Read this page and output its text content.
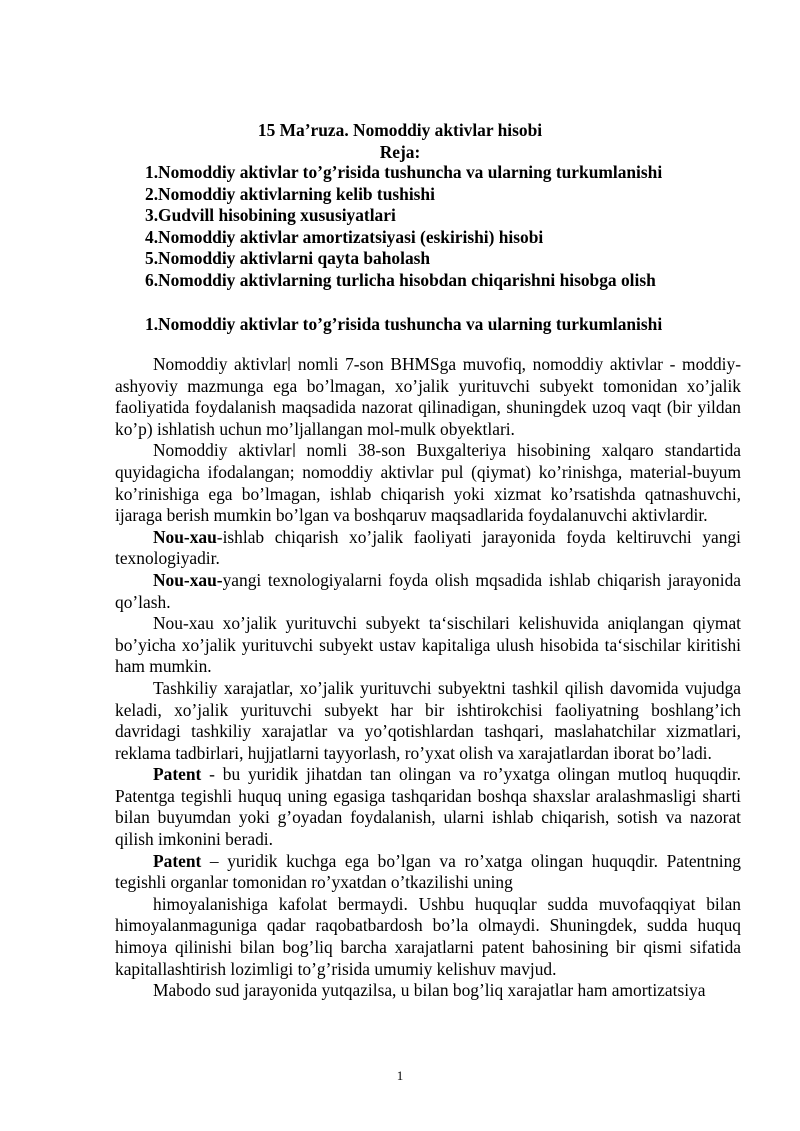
15 Ma’ruza. Nomoddiy aktivlar hisobi
Reja:
1.Nomoddiy aktivlar to’g’risida tushuncha va ularning turkumlanishi
2.Nomoddiy aktivlarning kelib tushishi
3.Gudvill hisobining xususiyatlari
4.Nomoddiy aktivlar amortizatsiyasi (eskirishi) hisobi
5.Nomoddiy aktivlarni qayta baholash
6.Nomoddiy aktivlarning turlicha hisobdan chiqarishni hisobga olish
1.Nomoddiy aktivlar to’g’risida tushuncha va ularning turkumlanishi

Nomoddiy aktivlar nomli 7-son BHMSga muvofiq, nomoddiy aktivlar - moddiy-ashyoviy mazmunga ega bo’lmagan, xo’jalik yurituvchi subyekt tomonidan xo’jalik faoliyatida foydalanish maqsadida nazorat qilinadigan, shuningdek uzoq vaqt (bir yildan ko’p) ishlatish uchun mo’ljallangan mol-mulk obyektlari.

Nomoddiy aktivlar nomli 38-son Buxgalteriya hisobining xalqaro standartida quyidagicha ifodalangan; nomoddiy aktivlar pul (qiymat) ko’rinishga, material-buyum ko’rinishiga ega bo’lmagan, ishlab chiqarish yoki xizmat ko’rsatishda qatnashuvchi, ijaraga berish mumkin bo’lgan va boshqaruv maqsadlarida foydalanuvchi aktivlardir.

Nou-xau-ishlab chiqarish xo’jalik faoliyati jarayonida foyda keltiruvchi yangi texnologiyadir.

Nou-xau-yangi texnologiyalarni foyda olish mqsadida ishlab chiqarish jarayonida qo’lash.

Nou-xau xo’jalik yurituvchi subyekt ta‘sischilari kelishuvida aniqlangan qiymat bo’yicha xo’jalik yurituvchi subyekt ustav kapitaliga ulush hisobida ta‘sischilar kiritishi ham mumkin.

Tashkiliy xarajatlar, xo’jalik yurituvchi subyektni tashkil qilish davomida vujudga keladi, xo’jalik yurituvchi subyekt har bir ishtirokchisi faoliyatning boshlang’ich davridagi tashkiliy xarajatlar va yo’qotishlardan tashqari, maslahatchilar xizmatlari, reklama tadbirlari, hujjatlarni tayyorlash, ro’yxat olish va xarajatlardan iborat bo’ladi.

Patent - bu yuridik jihatdan tan olingan va ro’yxatga olingan mutloq huquqdir. Patentga tegishli huquq uning egasiga tashqaridan boshqa shaxslar aralashmasligi sharti bilan buyumdan yoki g’oyadan foydalanish, ularni ishlab chiqarish, sotish va nazorat qilish imkonini beradi.

Patent – yuridik kuchga ega bo’lgan va ro’xatga olingan huquqdir. Patentning tegishli organlar tomonidan ro’yxatdan o’tkazilishi uning

himoyalanishiga kafolat bermaydi. Ushbu huquqlar sudda muvofaqqiyat bilan himoyalanmaguniga qadar raqobatbardosh bo’la olmaydi. Shuningdek, sudda huquq himoya qilinishi bilan bog’liq barcha xarajatlarni patent bahosining bir qismi sifatida kapitallashtirish lozimligi to’g’risida umumiy kelishuv mavjud.

Mabodo sud jarayonida yutqazilsa, u bilan bog’liq xarajatlar ham amortizatsiya

1
